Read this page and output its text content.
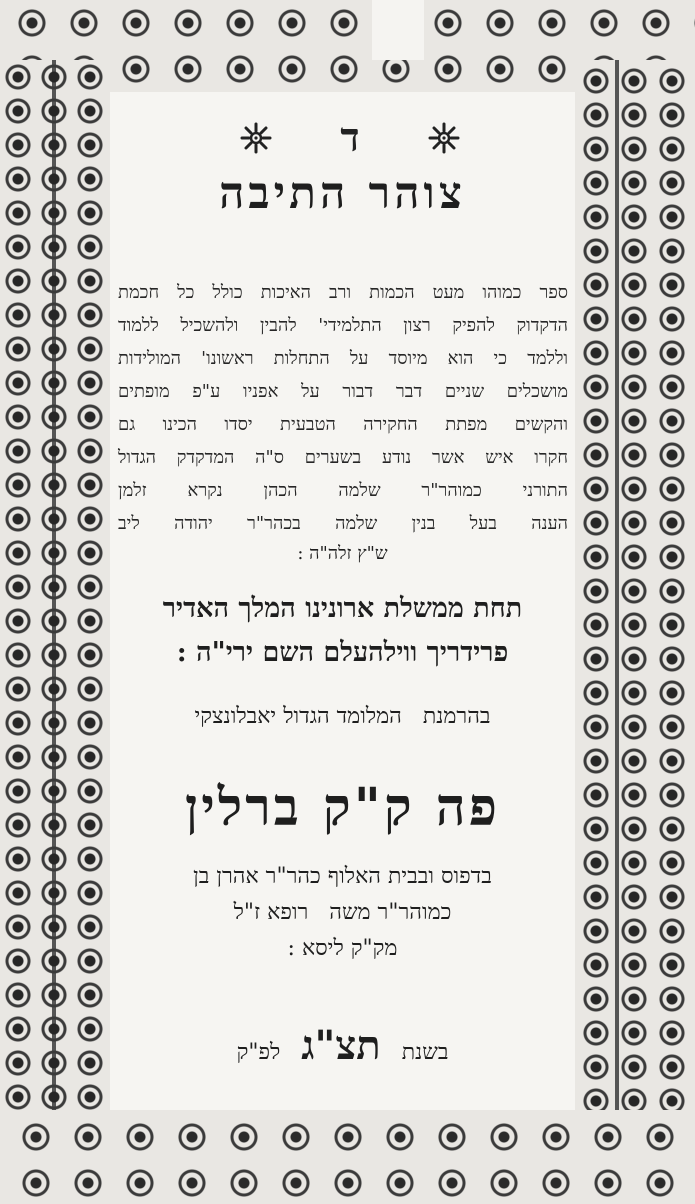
ד
צוהר התיבה
ספר כמוהו מעט הכמות ורב האיכות כולל כל חכמת
הדקדוק להפיק רצון התלמידי' להבין ולהשכיל ללמוד
וללמד כי הוא מיוסד על התחלות ראשונו' המולידות
מושכלים שניים דבר דבור על אפניו ע"פ מופתים
והקשים מפתת החקירה הטבעית יסדו הכינו גם
חקרו איש אשר נודע בשערים ס"ה המדקדק הגדול
התורני כמוהר"ר שלמה הכהן נקרא זלמן
הענה בעל בנין שלמה בכהר"ר יהודה ליב
ש"ץ זלה"ה :
תחת ממשלת ארונינו המלך האדיר
פרידריך ווילהעלם השם ירי"ה :
בהרמנת   המלומד הגדול יאבלונצקי
פה ק"ק ברלין
בדפוס ובבית האלוף כהר"ר אהרן בן
כמוהר"ר משה   רופא ז"ל
מק"ק ליסא :
בשנת תצ"ג לפ"ק
